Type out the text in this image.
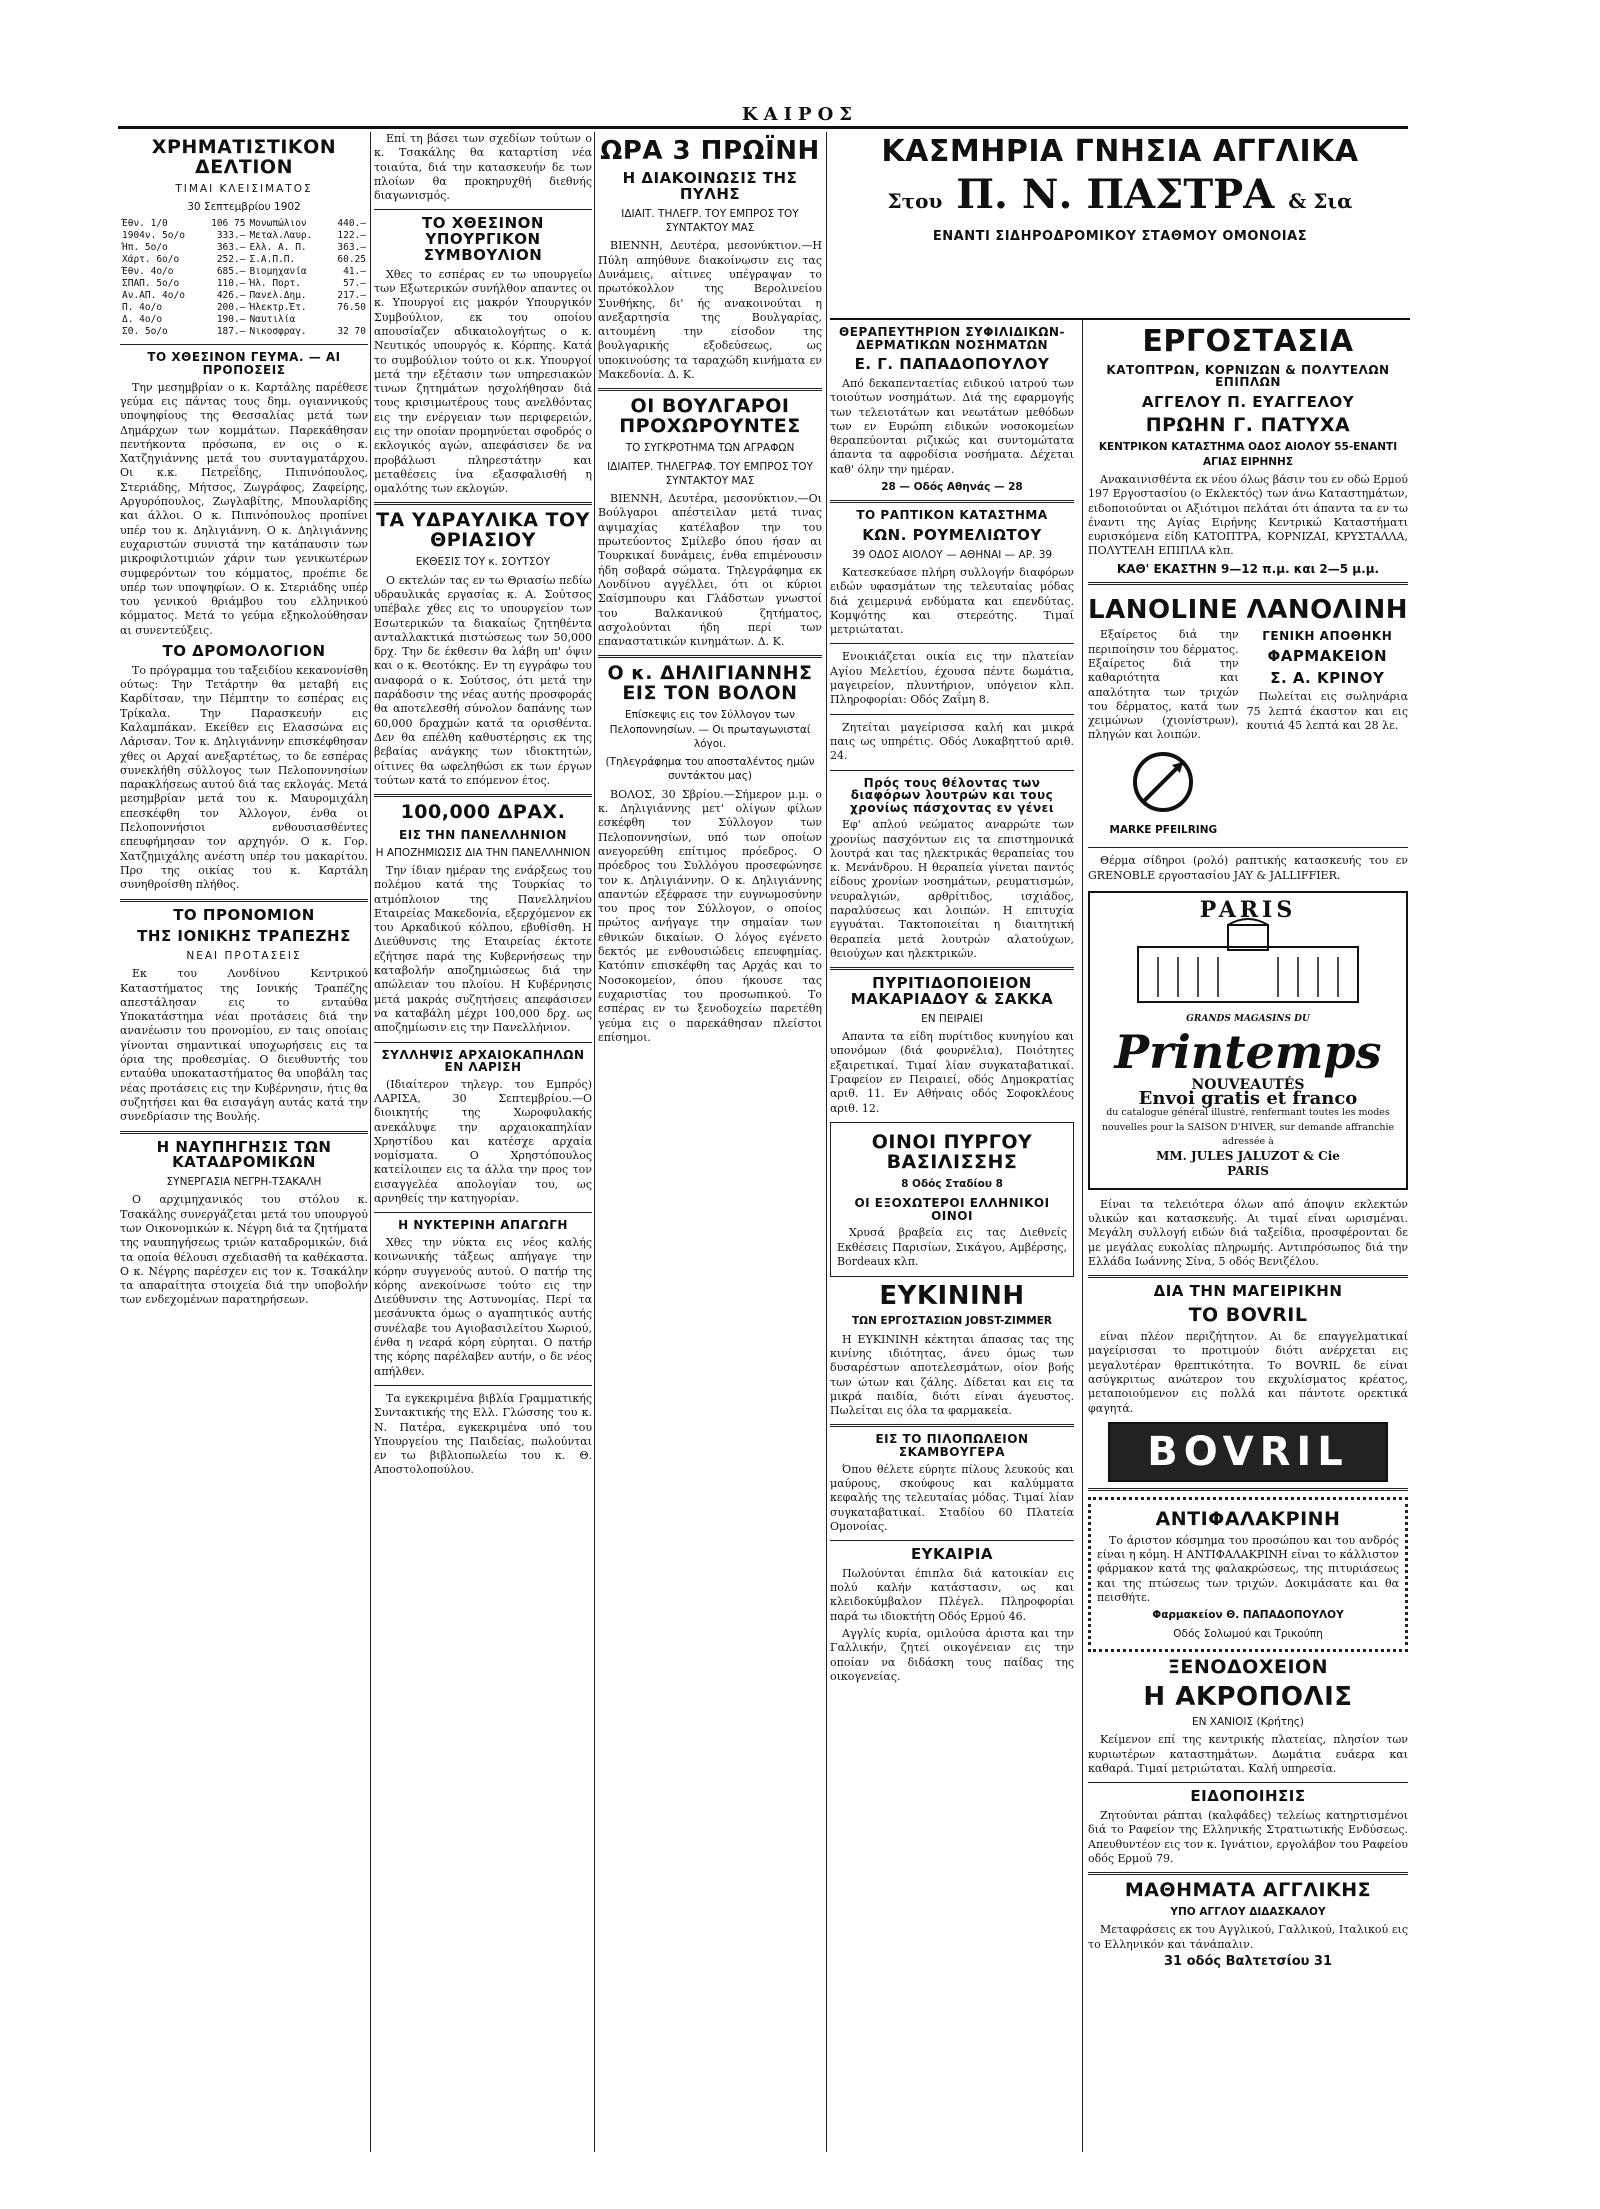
ΚΑΙΡΟΣ
ΧΡΗΜΑΤΙΣΤΙΚΟΝ ΔΕΛΤΙΟΝ
ΤΙΜΑΙ ΚΛΕΙΣΙΜΑΤΟΣ
30 Σεπτεμβρίου 1902
Έθν. 1/0	106 75	Μονωπώλιον	440.—
1904ν. 5ο/ο	333.—	Μεταλ.Λαυρ.	122.—
Ήπ. 5ο/ο	363.—	Ελλ. Α. Π.	363.—
Χάρτ. 6ο/ο	252.—	Σ.Α.Π.Π.	60.25
Έθν. 4ο/ο	685.—	Βιομηχανία	41.—
ΣΠΑΠ. 5ο/ο	110.—	Ήλ. Πορτ.	57.—
Αν.ΑΠ. 4ο/ο	426.—	Πανελ.Δημ.	217.—
Π. 4ο/ο	200.—	Ήλεκτρ.Έτ.	76.50
Δ. 4ο/ο	190.—	Ναυτιλία	
ΣΘ. 5ο/ο	187.—	Νικοσφραγ.	32 70
ΤΟ ΧΘΕΣΙΝΟΝ ΓΕΥΜΑ. — ΑΙ ΠΡΟΠΟΣΕΙΣ

Την μεσημβρίαν ο κ. Καρτάλης παρέθεσε γεύμα εις πάντας τους δημ. ογιαννικούς υποψηφίους της Θεσσαλίας μετά των Δημάρχων των κομμάτων. Παρεκάθησαν πεντήκοντα πρόσωπα, εν οις ο κ. Χατζηγιάννης μετά του συνταγματάρχου. Οι κ.κ. Πετρεΐδης, Πιπινόπουλος, Στεριάδης, Μήτσος, Ζωγράφος, Ζαφείρης, Αργυρόπουλος, Ζωγλαβίτης, Μπουλαρίδης και άλλοι. Ο κ. Πιπινόπουλος προπίνει υπέρ του κ. Δηλιγιάννη. Ο κ. Δηλιγιάννης ευχαριστών συνιστά την κατάπαυσιν των μικροφιλοτιμιών χάριν των γενικωτέρων συμφερόντων του κόμματος, προέπιε δε υπέρ των υποψηφίων. Ο κ. Στεριάδης υπέρ του γενικού θριάμβου του ελληνικού κόμματος. Μετά το γεύμα εξηκολούθησαν αι συνεντεύξεις.

ΤΟ ΔΡΟΜΟΛΟΓΙΟΝ

Το πρόγραμμα του ταξειδίου κεκανονίσθη ούτως: Την Τετάρτην θα μεταβή εις Καρδίτσαν, την Πέμπτην το εσπέρας εις Τρίκαλα. Την Παρασκευήν εις Καλαμπάκαν. Εκείθεν εις Ελασσώνα εις Λάρισαν. Τον κ. Δηλιγιάννην επισκέφθησαν χθες οι Αρχαί ανεξαρτέτως, το δε εσπέρας συνεκλήθη σύλλογος των Πελοποννησίων παρακλήσεως αυτού διά τας εκλογάς. Μετά μεσημβρίαν μετά του κ. Μαυρομιχάλη επεσκέφθη τον Άλλογον, ένθα οι Πελοποννήσιοι ενθουσιασθέντες επευφήμησαν τον αρχηγόν. Ο κ. Γορ. Χατζημιχάλης ανέστη υπέρ του μακαρίτου. Προ της οικίας του κ. Καρτάλη συνηθροίσθη πλήθος.

ΤΟ ΠΡΟΝΟΜΙΟΝ
ΤΗΣ ΙΟΝΙΚΗΣ ΤΡΑΠΕΖΗΣ
ΝΕΑΙ ΠΡΟΤΑΣΕΙΣ

Εκ του Λονδίνου Κεντρικού Καταστήματος της Ιονικής Τραπέζης απεστάλησαν εις το ενταύθα Υποκατάστημα νέαι προτάσεις διά την ανανέωσιν του προνομίου, εν ταις οποίαις γίνονται σημαντικαί υποχωρήσεις εις τα όρια της προθεσμίας. Ο διευθυντής του ενταύθα υποκαταστήματος θα υποβάλη τας νέας προτάσεις εις την Κυβέρνησιν, ήτις θα συζητήσει και θα εισαγάγη αυτάς κατά την συνεδρίασιν της Βουλής.

Η ΝΑΥΠΗΓΗΣΙΣ ΤΩΝ ΚΑΤΑΔΡΟΜΙΚΩΝ
ΣΥΝΕΡΓΑΣΙΑ ΝΕΓΡΗ-ΤΣΑΚΑΛΗ

Ο αρχιμηχανικός του στόλου κ. Τσακάλης συνεργάζεται μετά του υπουργού των Οικονομικών κ. Νέγρη διά τα ζητήματα της ναυπηγήσεως τριών καταδρομικών, διά τα οποία θέλουσι σχεδιασθή τα καθέκαστα. Ο κ. Νέγρης παρέσχεν εις τον κ. Τσακάλην τα απαραίτητα στοιχεία διά την υποβολήν των ενδεχομένων παρατηρήσεων.

Επί τη βάσει των σχεδίων τούτων ο κ. Τσακάλης θα καταρτίση νέα τοιαύτα, διά την κατασκευήν δε των πλοίων θα προκηρυχθή διεθνής διαγωνισμός.

ΤΟ ΧΘΕΣΙΝΟΝ ΥΠΟΥΡΓΙΚΟΝ ΣΥΜΒΟΥΛΙΟΝ

Χθες το εσπέρας εν τω υπουργείω των Εξωτερικών συνήλθον απαντες οι κ. Υπουργοί εις μακρόν Υπουργικόν Συμβούλιον, εκ του οποίου απουσίαζεν αδικαιολογήτως ο κ. Νευτικός υπουργός κ. Κόρπης. Κατά το συμβούλιον τούτο οι κ.κ. Υπουργοί μετά την εξέτασιν των υπηρεσιακών τινων ζητημάτων ησχολήθησαν διά τους κρισιμωτέρους τους ανελθόντας εις την ενέργειαν των περιφερειών, εις την οποίαν προμηνύεται σφοδρός ο εκλογικός αγών, απεφάσισεν δε να προβάλωσι πληρεστάτην και μεταθέσεις ίνα εξασφαλισθή η ομαλότης των εκλογών.

ΤΑ ΥΔΡΑΥΛΙΚΑ ΤΟΥ ΘΡΙΑΣΙΟΥ
ΕΚΘΕΣΙΣ ΤΟΥ κ. ΣΟΥΤΣΟΥ

Ο εκτελών τας εν τω Θριασίω πεδίω υδραυλικάς εργασίας κ. Α. Σούτσος υπέβαλε χθες εις το υπουργείον των Εσωτερικών τα διακαίως ζητηθέντα ανταλλακτικά πιστώσεως των 50,000 δρχ. Την δε έκθεσιν θα λάβη υπ' όψιν και ο κ. Θεοτόκης. Εν τη εγγράφω του αναφορά ο κ. Σούτσος, ότι μετά την παράδοσιν της νέας αυτής προσφοράς θα αποτελεσθή σύνολον δαπάνης των 60,000 δραχμών κατά τα ορισθέντα. Δεν θα επέλθη καθυστέρησις εκ της βεβαίας ανάγκης των ιδιοκτητών, οίτινες θα ωφεληθώσι εκ των έργων τούτων κατά το επόμενον έτος.

100,000 ΔΡΑΧ.
ΕΙΣ ΤΗΝ ΠΑΝΕΛΛΗΝΙΟΝ
Η ΑΠΟΖΗΜΙΩΣΙΣ ΔΙΑ ΤΗΝ ΠΑΝΕΛΛΗΝΙΟΝ

Την ίδιαν ημέραν της ενάρξεως του πολέμου κατά της Τουρκίας το ατμόπλοιον της Πανελληνίου Εταιρείας Μακεδονία, εξερχόμενον εκ του Αρκαδικού κόλπου, εβυθίσθη. Η Διεύθυνσις της Εταιρείας έκτοτε εζήτησε παρά της Κυβερνήσεως την καταβολήν αποζημιώσεως διά την απώλειαν του πλοίου. Η Κυβέρνησις μετά μακράς συζητήσεις απεφάσισεν να καταβάλη μέχρι 100,000 δρχ. ως αποζημίωσιν εις την Πανελλήνιον.

ΣΥΛΛΗΨΙΣ ΑΡΧΑΙΟΚΑΠΗΛΩΝ ΕΝ ΛΑΡΙΣΗ

(Ιδιαίτερον τηλεγρ. του Εμπρός) ΛΑΡΙΣΑ, 30 Σεπτεμβρίου.—Ο διοικητής της Χωροφυλακής ανεκάλυψε την αρχαιοκαπηλίαν Χρηστίδου και κατέσχε αρχαία νομίσματα. Ο Χρηστόπουλος κατείλοιπεν εις τα άλλα την προς τον εισαγγελέα απολογίαν του, ως αρνηθείς την κατηγορίαν.

Η ΝΥΚΤΕΡΙΝΗ ΑΠΑΓΩΓΗ

Χθες την νύκτα εις νέος καλής κοινωνικής τάξεως απήγαγε την κόρην συγγενούς αυτού. Ο πατήρ της κόρης ανεκοίνωσε τούτο εις την Διεύθυνσιν της Αστυνομίας. Περί τα μεσάνυκτα όμως ο αγαπητικός αυτής συνέλαβε του Αγιοβασιλείτου Χωριού, ένθα η νεαρά κόρη εύρηται. Ο πατήρ της κόρης παρέλαβεν αυτήν, ο δε νέος απήλθεν.

Τα εγκεκριμένα βιβλία Γραμματικής Συντακτικής της Ελλ. Γλώσσης του κ. Ν. Πατέρα, εγκεκριμένα υπό του Υπουργείου της Παιδείας, πωλούνται εν τω βιβλιοπωλείω του κ. Θ. Αποστολοπούλου.

ΩΡΑ 3 ΠΡΩΪΝΗ
Η ΔΙΑΚΟΙΝΩΣΙΣ ΤΗΣ ΠΥΛΗΣ
ΙΔΙΑΙΤ. ΤΗΛΕΓΡ. ΤΟΥ ΕΜΠΡΟΣ ΤΟΥ ΣΥΝΤΑΚΤΟΥ ΜΑΣ

ΒΙΕΝΝΗ, Δευτέρα, μεσονύκτιον.—Η Πύλη απηύθυνε διακοίνωσιν εις τας Δυνάμεις, αίτινες υπέγραψαν το πρωτόκολλον της Βερολινείου Συνθήκης, δι' ής ανακοινούται η ανεξαρτησία της Βουλγαρίας, αιτουμένη την είσοδον της βουλγαρικής εξοδεύσεως, ως υποκινούσης τα ταραχώδη κινήματα εν Μακεδονία. Δ. Κ.

ΟΙ ΒΟΥΛΓΑΡΟΙ ΠΡΟΧΩΡΟΥΝΤΕΣ
ΤΟ ΣΥΓΚΡΟΤΗΜΑ ΤΩΝ ΑΓΡΑΦΩΝ
ΙΔΙΑΙΤΕΡ. ΤΗΛΕΓΡΑΦ. ΤΟΥ ΕΜΠΡΟΣ ΤΟΥ ΣΥΝΤΑΚΤΟΥ ΜΑΣ

ΒΙΕΝΝΗ, Δευτέρα, μεσονύκτιον.—Οι Βούλγαροι απέστειλαν μετά τινας αψιμαχίας κατέλαβον την του πρωτεύοντος Σμίλεβο όπου ήσαν αι Τουρκικαί δυνάμεις, ένθα επιμένουσιν ήδη σοβαρά σώματα. Τηλεγράφημα εκ Λονδίνου αγγέλλει, ότι οι κύριοι Σαίσμπουρυ και Γλάδστων γνωστοί του Βαλκανικού ζητήματος, ασχολούνται ήδη περί των επαναστατικών κινημάτων. Δ. Κ.

Ο κ. ΔΗΛΙΓΙΑΝΝΗΣ ΕΙΣ ΤΟΝ ΒΟΛΟΝ
Επίσκεψις εις τον Σύλλογον των Πελοποννησίων. — Οι πρωταγωνισταί λόγοι.
(Τηλεγράφημα του αποσταλέντος ημών συντάκτου μας)

ΒΟΛΟΣ, 30 Σβρίου.—Σήμερον μ.μ. ο κ. Δηλιγιάννης μετ' ολίγων φίλων εσκέφθη τον Σύλλογον των Πελοποννησίων, υπό των οποίων ανεγορεύθη επίτιμος πρόεδρος. Ο πρόεδρος του Συλλόγου προσεφώνησε τον κ. Δηλιγιάννην. Ο κ. Δηλιγιάννης απαντών εξέφρασε την ευγνωμοσύνην του προς τον Σύλλογον, ο οποίος πρώτος ανήγαγε την σημαίαν των εθνικών δικαίων. Ο λόγος εγένετο δεκτός με ενθουσιώδεις επευφημίας. Κατόπιν επισκέφθη τας Αρχάς και το Νοσοκομείον, όπου ήκουσε τας ευχαριστίας του προσωπικού. Το εσπέρας εν τω ξενοδοχείω παρετέθη γεύμα εις ο παρεκάθησαν πλείστοι επίσημοι.

ΚΑΣΜΗΡΙΑ ΓΝΗΣΙΑ ΑΓΓΛΙΚΑ
Στου Π. Ν. ΠΑΣΤΡΑ & Σια
ΕΝΑΝΤΙ ΣΙΔΗΡΟΔΡΟΜΙΚΟΥ ΣΤΑΘΜΟΥ ΟΜΟΝΟΙΑΣ
ΘΕΡΑΠΕΥΤΗΡΙΟΝ ΣΥΦΙΛΙΔΙΚΩΝ-ΔΕΡΜΑΤΙΚΩΝ ΝΟΣΗΜΑΤΩΝ
Ε. Γ. ΠΑΠΑΔΟΠΟΥΛΟΥ

Από δεκαπενταετίας ειδικού ιατρού των τοιούτων νοσημάτων. Διά της εφαρμογής των τελειοτάτων και νεωτάτων μεθόδων των εν Ευρώπη ειδικών νοσοκομείων θεραπεύονται ριζικώς και συντομώτατα άπαντα τα αφροδίσια νοσήματα. Δέχεται καθ' όλην την ημέραν.

28 — Οδός Αθηνάς — 28
ΤΟ ΡΑΠΤΙΚΟΝ ΚΑΤΑΣΤΗΜΑ
ΚΩΝ. ΡΟΥΜΕΛΙΩΤΟΥ
39 ΟΔΟΣ ΑΙΟΛΟΥ — ΑΘΗΝΑΙ — ΑΡ. 39

Κατεσκεύασε πλήρη συλλογήν διαφόρων ειδών υφασμάτων της τελευταίας μόδας διά χειμερινά ενδύματα και επενδύτας. Κομψότης και στερεότης. Τιμαί μετριώταται.

Ενοικιάζεται οικία εις την πλατείαν Αγίου Μελετίου, έχουσα πέντε δωμάτια, μαγειρείον, πλυντήριον, υπόγειον κλπ. Πληροφορίαι: Οδός Ζαΐμη 8.

Ζητείται μαγείρισσα καλή και μικρά παις ως υπηρέτις. Οδός Λυκαβηττού αριθ. 24.

Πρός τους θέλοντας των διαφόρων λουτρών και τους χρονίως πάσχοντας εν γένει

Εφ' απλού νεώματος αναρρώτε των χρονίως πασχόντων εις τα επιστημονικά λουτρά και τας ηλεκτρικάς θεραπείας του κ. Μενάνδρου. Η θεραπεία γίνεται παντός είδους χρονίων νοσημάτων, ρευματισμών, νευραλγιών, αρθρίτιδος, ισχιάδος, παραλύσεως και λοιπών. Η επιτυχία εγγυάται. Τακτοποιείται η διαιτητική θεραπεία μετά λουτρών αλατούχων, θειούχων και ηλεκτρικών.

ΠΥΡΙΤΙΔΟΠΟΙΕΙΟΝ ΜΑΚΑΡΙΑΔΟΥ & ΣΑΚΚΑ
ΕΝ ΠΕΙΡΑΙΕΙ

Απαντα τα είδη πυρίτιδος κυνηγίου και υπονόμων (διά φουρνέλια), Ποιότητες εξαιρετικαί. Τιμαί λίαν συγκαταβατικαί. Γραφείον εν Πειραιεί, οδός Δημοκρατίας αριθ. 11. Εν Αθήναις οδός Σοφοκλέους αριθ. 12.

ΟΙΝΟΙ ΠΥΡΓΟΥ ΒΑΣΙΛΙΣΣΗΣ
8 Οδός Σταδίου 8
ΟΙ ΕΞΟΧΩΤΕΡΟΙ ΕΛΛΗΝΙΚΟΙ ΟΙΝΟΙ

Χρυσά βραβεία εις τας Διεθνείς Εκθέσεις Παρισίων, Σικάγου, Αμβέρσης, Bordeaux κλπ.

ΕΥΚΙΝΙΝΗ
ΤΩΝ ΕΡΓΟΣΤΑΣΙΩΝ JOBST-ZIMMER

Η ΕΥΚΙΝΙΝΗ κέκτηται άπασας τας της κινίνης ιδιότητας, άνευ όμως των δυσαρέστων αποτελεσμάτων, οίον βοής των ώτων και ζάλης. Δίδεται και εις τα μικρά παιδία, διότι είναι άγευστος. Πωλείται εις όλα τα φαρμακεία.

ΕΙΣ ΤΟ ΠΙΛΟΠΩΛΕΙΟΝ ΣΚΑΜΒΟΥΓΕΡΑ

Όπου θέλετε εύρητε πίλους λευκούς και μαύρους, σκούφους και καλύμματα κεφαλής της τελευταίας μόδας. Τιμαί λίαν συγκαταβατικαί. Σταδίου 60 Πλατεία Ομονοίας.

ΕΥΚΑΙΡΙΑ

Πωλούνται έπιπλα διά κατοικίαν εις πολύ καλήν κατάστασιν, ως και κλειδοκύμβαλον Πλέγελ. Πληροφορίαι παρά τω ιδιοκτήτη Οδός Ερμού 46.

Αγγλίς κυρία, ομιλούσα άριστα και την Γαλλικήν, ζητεί οικογένειαν εις την οποίαν να διδάσκη τους παίδας της οικογενείας.

ΕΡΓΟΣΤΑΣΙΑ
ΚΑΤΟΠΤΡΩΝ, ΚΟΡΝΙΖΩΝ & ΠΟΛΥΤΕΛΩΝ ΕΠΙΠΛΩΝ
ΑΓΓΕΛΟΥ Π. ΕΥΑΓΓΕΛΟΥ
ΠΡΩΗΝ Γ. ΠΑΤΥΧΑ
ΚΕΝΤΡΙΚΟΝ ΚΑΤΑΣΤΗΜΑ ΟΔΟΣ ΑΙΟΛΟΥ 55-ΕΝΑΝΤΙ ΑΓΙΑΣ ΕΙΡΗΝΗΣ

Ανακαινισθέντα εκ νέου όλως βάσιν του εν οδώ Ερμού 197 Εργοστασίου (ο Εκλεκτός) των άνω Καταστημάτων, ειδοποιούνται οι Αξιότιμοι πελάται ότι άπαντα τα εν τω έναντι της Αγίας Ειρήνης Κεντρικώ Καταστήματι ευρισκόμενα είδη ΚΑΤΟΠΤΡΑ, ΚΟΡΝΙΖΑΙ, ΚΡΥΣΤΑΛΛΑ, ΠΟΛΥΤΕΛΗ ΕΠΙΠΛΑ κλπ.

ΚΑΘ' ΕΚΑΣΤΗΝ 9—12 π.μ. και 2—5 μ.μ.
LANOLINE

Εξαίρετος διά την περιποίησιν του δέρματος. Εξαίρετος διά την καθαριότητα και απαλότητα των τριχών του δέρματος, κατά των χειμώνων (χιονίστρων), πληγών και λοιπών.

MARKE PFEILRING
ΛΑΝΟΛΙΝΗ
ΓΕΝΙΚΗ ΑΠΟΘΗΚΗ
ΦΑΡΜΑΚΕΙΟΝ
Σ. Α. ΚΡΙΝΟΥ

Πωλείται εις σωληνάρια 75 λεπτά έκαστον και εις κουτιά 45 λεπτά και 28 λε.

Θέρμα σίδηροι (ρολό) ραπτικής κατασκευής του εν GRENOBLE εργοστασίου JAY & JALLIFFIER.

PARIS
GRANDS MAGASINS DU
Printemps
NOUVEAUTÉS
Envoi gratis et franco
du catalogue général illustré, renfermant toutes les modes nouvelles pour la SAISON D'HIVER, sur demande affranchie adressée à
MM. JULES JALUZOT & Cie
PARIS

Είναι τα τελειότερα όλων από άποψιν εκλεκτών υλικών και κατασκευής. Αι τιμαί είναι ωρισμέναι. Μεγάλη συλλογή ειδών διά ταξείδια, προσφέρονται δε με μεγάλας ευκολίας πληρωμής. Αντιπρόσωπος διά την Ελλάδα Ιωάννης Σίνα, 5 οδός Βενιζέλου.

ΔΙΑ ΤΗΝ ΜΑΓΕΙΡΙΚΗΝ
ΤΟ BOVRIL

είναι πλέον περιζήτητον. Αι δε επαγγελματικαί μαγείρισσαι το προτιμούν διότι ανέρχεται εις μεγαλυτέραν θρεπτικότητα. Το BOVRIL δε είναι ασύγκριτως ανώτερον του εκχυλίσματος κρέατος, μεταποιούμενον εις πολλά και πάντοτε ορεκτικά φαγητά.

BOVRIL
ΑΝΤΙΦΑΛΑΚΡΙΝΗ

Το άριστον κόσμημα του προσώπου και του ανδρός είναι η κόμη. Η ΑΝΤΙΦΑΛΑΚΡΙΝΗ είναι το κάλλιστον φάρμακον κατά της φαλακρώσεως, της πιτυριάσεως και της πτώσεως των τριχών. Δοκιμάσατε και θα πεισθήτε.

Φαρμακείον Θ. ΠΑΠΑΔΟΠΟΥΛΟΥ
Οδός Σολωμού και Τρικούπη
ΞΕΝΟΔΟΧΕΙΟΝ
Η ΑΚΡΟΠΟΛΙΣ
ΕΝ ΧΑΝΙΟΙΣ (Κρήτης)

Κείμενον επί της κεντρικής πλατείας, πλησίον των κυριωτέρων καταστημάτων. Δωμάτια ευάερα και καθαρά. Τιμαί μετριώταται. Καλή υπηρεσία.

ΕΙΔΟΠΟΙΗΣΙΣ

Ζητούνται ράπται (καλφάδες) τελείως κατηρτισμένοι διά το Ραφείον της Ελληνικής Στρατιωτικής Ενδύσεως. Απευθυντέον εις τον κ. Ιγνάτιον, εργολάβον του Ραφείου οδός Ερμού 79.

ΜΑΘΗΜΑΤΑ ΑΓΓΛΙΚΗΣ
ΥΠΟ ΑΓΓΛΟΥ ΔΙΔΑΣΚΑΛΟΥ

Μεταφράσεις εκ του Αγγλικού, Γαλλικού, Ιταλικού εις το Ελληνικόν και τάνάπαλιν.

31 οδός Βαλτετσίου 31
